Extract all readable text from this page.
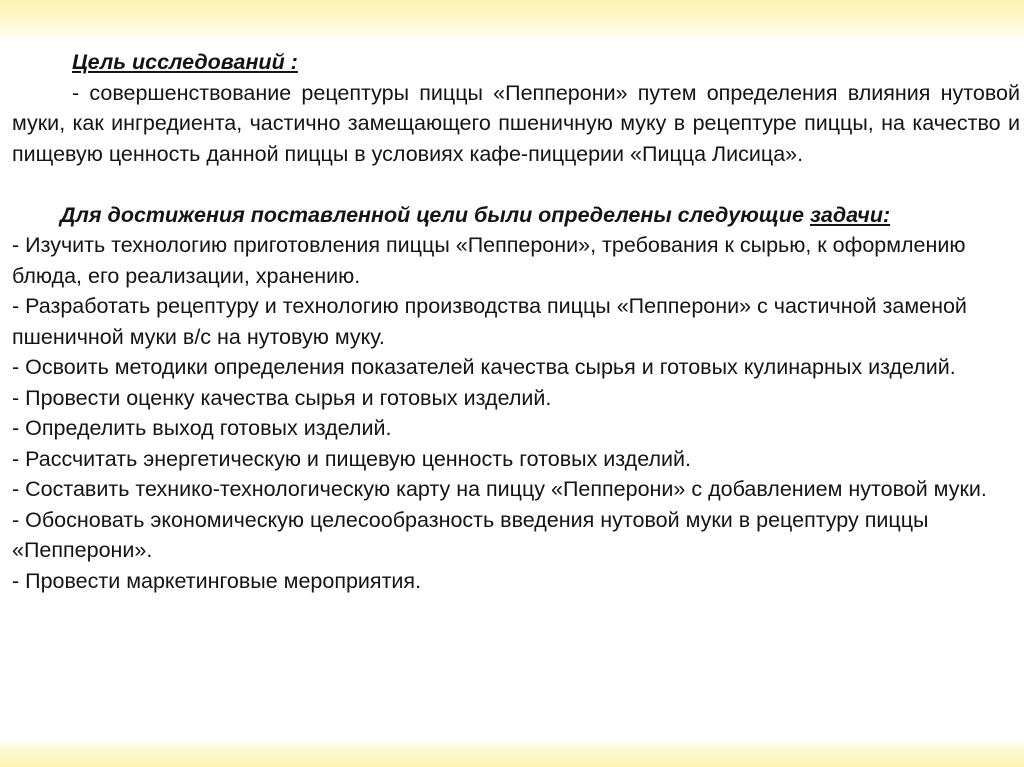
Цель исследований :

- совершенствование рецептуры пиццы «Пепперони» путем определения влияния нутовой муки, как ингредиента, частично замещающего пшеничную муку в рецептуре пиццы, на качество и пищевую ценность данной пиццы в условиях кафе-пиццерии «Пицца Лисица».

Для достижения поставленной цели были определены следующие задачи:

- Изучить технологию приготовления пиццы «Пепперони», требования к сырью, к оформлению блюда, его реализации, хранению.

- Разработать рецептуру и технологию производства пиццы «Пепперони» с частичной заменой пшеничной муки в/с на нутовую муку.

- Освоить методики определения показателей качества сырья и готовых кулинарных изделий.

- Провести оценку качества сырья и готовых изделий.

- Определить выход готовых изделий.

- Рассчитать энергетическую и пищевую ценность готовых изделий.

- Составить технико-технологическую карту на пиццу «Пепперони» с добавлением нутовой муки.

- Обосновать экономическую целесообразность введения нутовой муки в рецептуру пиццы «Пепперони».

- Провести маркетинговые мероприятия.
